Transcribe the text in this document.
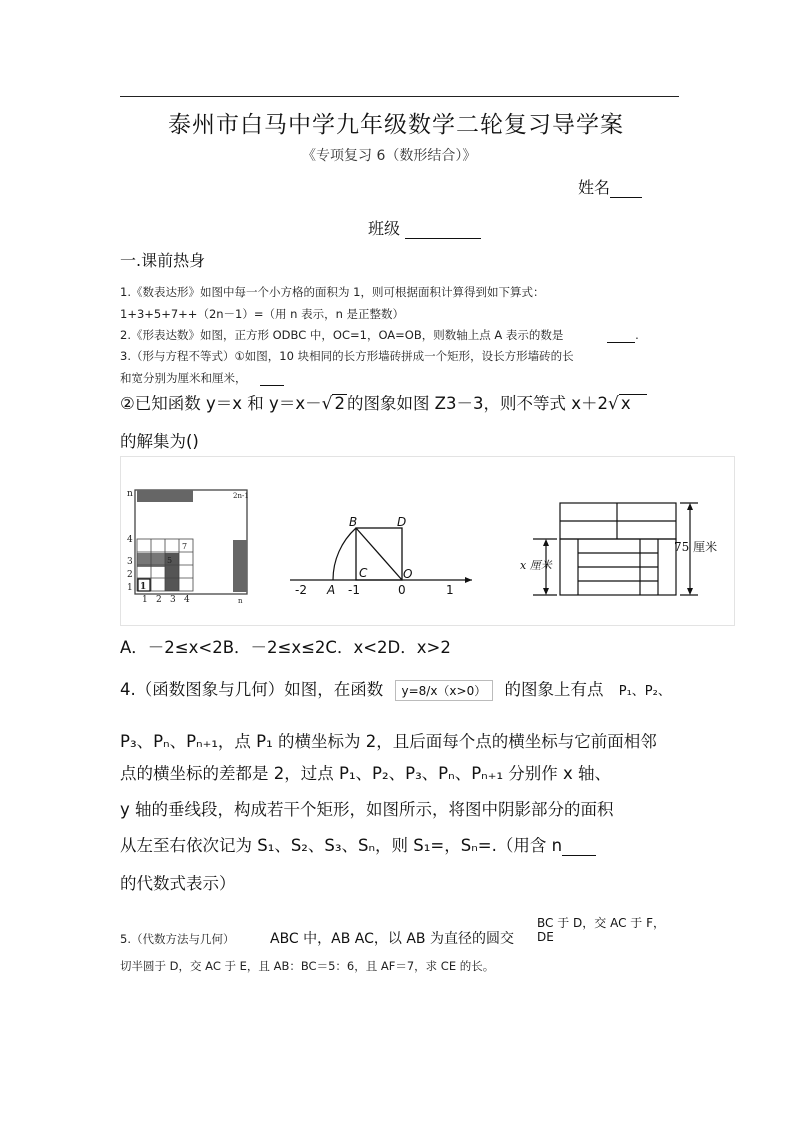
泰州市白马中学九年级数学二轮复习导学案
《专项复习 6（数形结合）》
姓名
班级
一.课前热身
1.《数表达形》如图中每一个小方格的面积为 1，则可根据面积计算得到如下算式：
1+3+5+7++（2n－1）=（用 n 表示，n 是正整数）
2.《形表达数》如图，正方形 ODBC 中，OC=1，OA=OB，则数轴上点 A 表示的数是	.
3.（形与方程不等式）①如图，10 块相同的长方形墙砖拼成一个矩形，设长方形墙砖的长
和宽分别为厘米和厘米，
②已知函数 y＝x 和 y＝x－√ 2 的图象如图 Z3－3，则不等式 x＋2√ x
的解集为()
n	2n-1
n
1
2
3
4
1 2 3 4
1
5
7
B	D
C	O
A
-2	-1	0	1
75 厘米
x 厘米
A．－2≤x<2B．－2≤x≤2C．x<2D．x>2
4.（函数图象与几何）如图，在函数 y=8/x（x>0） 的图象上有点 P₁、P₂、
P₃、Pₙ、Pₙ₊₁，点 P₁ 的横坐标为 2，且后面每个点的横坐标与它前面相邻
点的横坐标的差都是 2，过点 P₁、P₂、P₃、Pₙ、Pₙ₊₁ 分别作 x 轴、
y 轴的垂线段，构成若干个矩形，如图所示，将图中阴影部分的面积
从左至右依次记为 S₁、S₂、S₃、Sₙ，则 S₁=，Sₙ=.（用含 n
的代数式表示）
5.（代数方法与几何）	ABC 中，AB AC，以 AB 为直径的圆交
BC 于 D，交 AC 于 F，
DE
切半圆于 D，交 AC 于 E，且 AB：BC＝5：6，且 AF＝7，求 CE 的长。
